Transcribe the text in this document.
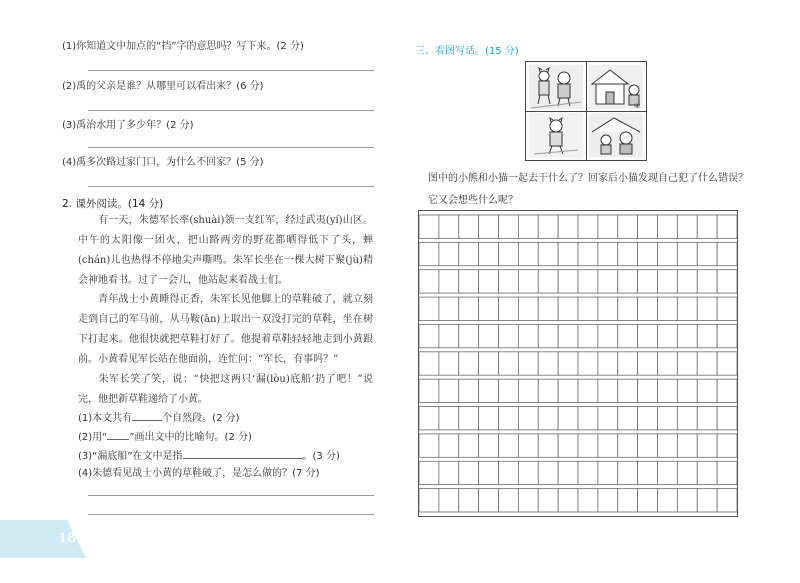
(1)你知道文中加点的“挡”字的意思吗？写下来。(2 分)
(2)禹的父亲是谁？从哪里可以看出来？(6 分)
(3)禹治水用了多少年？(2 分)
(4)禹多次路过家门口，为什么不回家？(5 分)
2. 课外阅读。(14 分)
有一天，朱德军长率(shuài)领一支红军，经过武夷(yí)山区。中午的太阳像一团火，把山路两旁的野花都晒得低下了头，蝉(chán)儿也热得不停地尖声嘶鸣。朱军长坐在一棵大树下聚(jù)精会神地看书。过了一会儿，他站起来看战士们。
青年战士小黄睡得正香，朱军长见他脚上的草鞋破了，就立刻走到自己的军马前，从马鞍(ān)上取出一双没打完的草鞋，坐在树下打起来。他很快就把草鞋打好了。他提着草鞋轻轻地走到小黄跟前。小黄看见军长站在他面前，连忙问：“军长，有事吗？”
朱军长笑了笑，说：“快把这两只‘漏(lòu)底船’扔了吧！”说完，他把新草鞋递给了小黄。
(1)本文共有	个自然段。(2 分)
(2)用“ ”画出文中的比喻句。(2 分)
(3)“漏底船”在文中是指	。(3 分)
(4)朱德看见战士小黄的草鞋破了，是怎么做的？(7 分)
18
三、看图写话。(15 分)
④
图中的小熊和小猫一起去干什么了？回家后小猫发现自己犯了什么错误？它又会想些什么呢？
